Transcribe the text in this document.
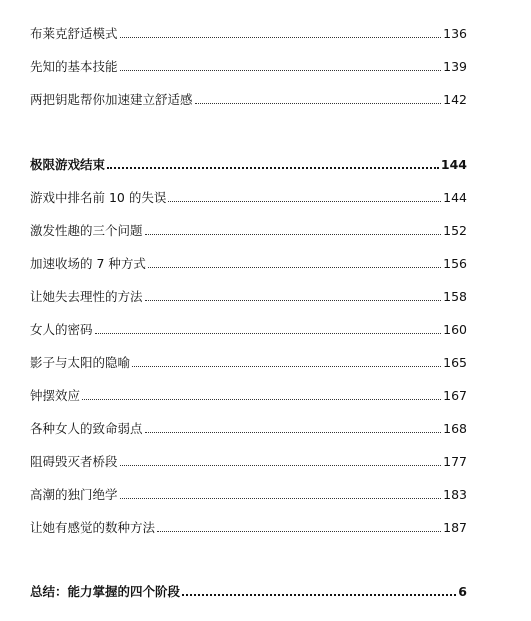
布莱克舒适模式	136
先知的基本技能	139
两把钥匙帮你加速建立舒适感	142
极限游戏结束	144
游戏中排名前 10 的失误	144
激发性趣的三个问题	152
加速收场的 7 种方式	156
让她失去理性的方法	158
女人的密码	160
影子与太阳的隐喻	165
钟摆效应	167
各种女人的致命弱点	168
阻碍毁灭者桥段	177
高潮的独门绝学	183
让她有感觉的数种方法	187
总结：能力掌握的四个阶段	6
